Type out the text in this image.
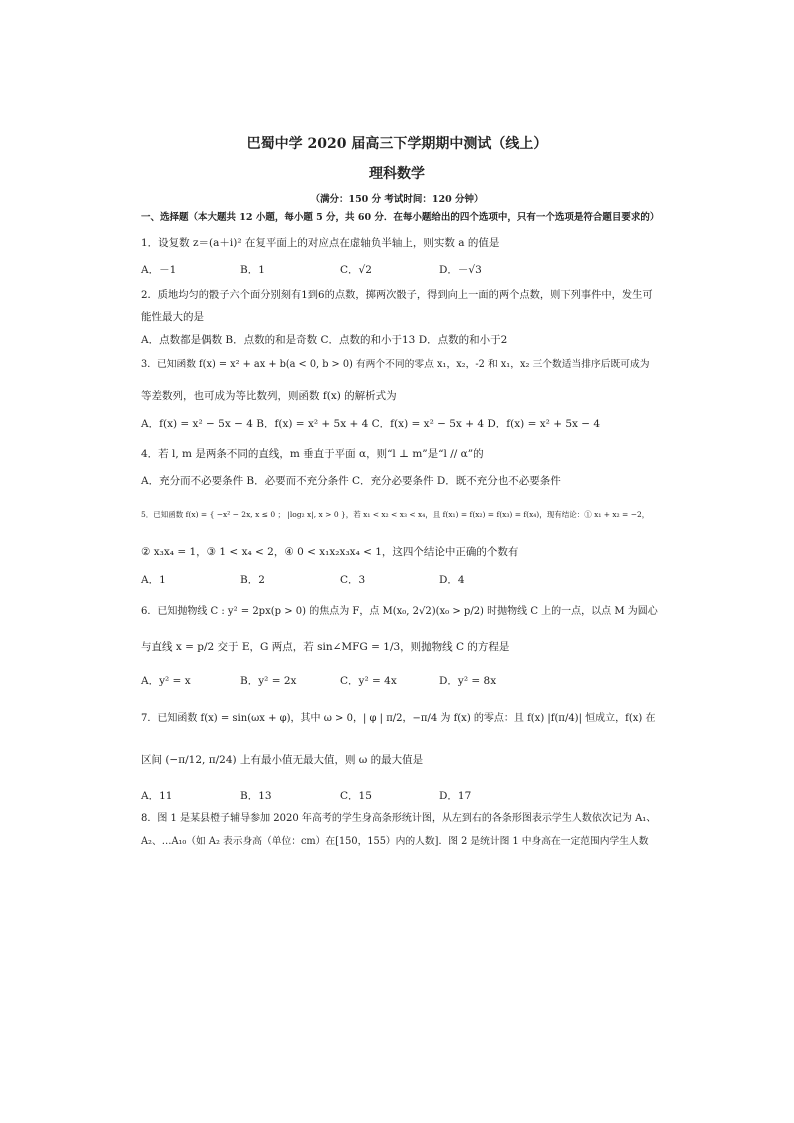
巴蜀中学 2020 届高三下学期期中测试（线上）
理科数学
（满分：150 分 考试时间：120 分钟）
一、选择题（本大题共 12 小题，每小题 5 分，共 60 分．在每小题给出的四个选项中，只有一个选项是符合题目要求的）
1．设复数 z＝(a＋i)² 在复平面上的对应点在虚轴负半轴上，则实数 a 的值是
A．－1	B．1	C．√2	D．－√3
2．质地均匀的骰子六个面分别刻有1到6的点数，掷两次骰子，得到向上一面的两个点数，则下列事件中，发生可
能性最大的是
A．点数都是偶数 B．点数的和是奇数 C．点数的和小于13 D．点数的和小于2
3．已知函数 f(x) = x² + ax + b(a < 0, b > 0) 有两个不同的零点 x₁，x₂，-2 和 x₁，x₂ 三个数适当排序后既可成为
等差数列，也可成为等比数列，则函数 f(x) 的解析式为
A．f(x) = x² − 5x − 4 B．f(x) = x² + 5x + 4 C．f(x) = x² − 5x + 4 D．f(x) = x² + 5x − 4
4．若 l, m 是两条不同的直线，m 垂直于平面 α，则“l ⊥ m”是“l // α”的
A．充分而不必要条件 B．必要而不充分条件 C．充分必要条件 D．既不充分也不必要条件
5．已知函数 f(x) = { −x² − 2x, x ≤ 0 ； |log₂ x|, x > 0 }，若 x₁ < x₂ < x₃ < x₄，且 f(x₁) = f(x₂) = f(x₃) = f(x₄)，现有结论：① x₁ + x₂ = −2，
② x₃x₄ = 1，③ 1 < x₄ < 2，④ 0 < x₁x₂x₃x₄ < 1，这四个结论中正确的个数有
A．1	B．2	C．3	D．4
6．已知抛物线 C : y² = 2px(p > 0) 的焦点为 F，点 M(x₀, 2√2)(x₀ > p/2) 时抛物线 C 上的一点，以点 M 为圆心
与直线 x = p/2 交于 E，G 两点，若 sin∠MFG = 1/3，则抛物线 C 的方程是
A．y² = x	B．y² = 2x	C．y² = 4x	D．y² = 8x
7．已知函数 f(x) = sin(ωx + φ)，其中 ω > 0，| φ | π/2，−π/4 为 f(x) 的零点：且 f(x) |f(π/4)| 恒成立，f(x) 在
区间 (−π/12, π/24) 上有最小值无最大值，则 ω 的最大值是
A．11	B．13	C．15	D．17
8．图 1 是某县橙子辅导参加 2020 年高考的学生身高条形统计图，从左到右的各条形图表示学生人数依次记为 A₁、
A₂、…A₁₀（如 A₂ 表示身高（单位：cm）在[150，155）内的人数]．图 2 是统计图 1 中身高在一定范围内学生人数
